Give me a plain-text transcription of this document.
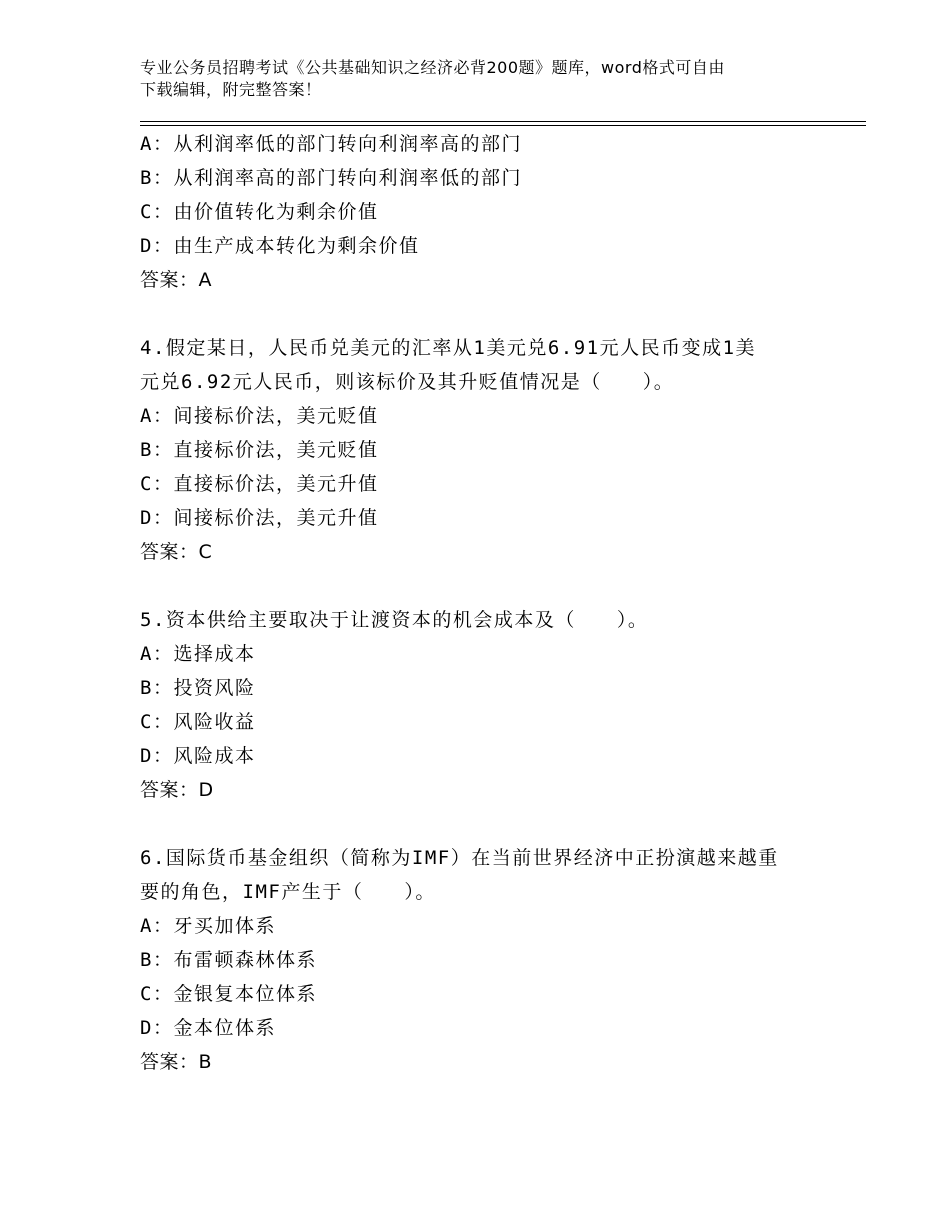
专业公务员招聘考试《公共基础知识之经济必背200题》题库，word格式可自由
下载编辑，附完整答案！
A：从利润率低的部门转向利润率高的部门
B：从利润率高的部门转向利润率低的部门
C：由价值转化为剩余价值
D：由生产成本转化为剩余价值
答案：A
4.假定某日，人民币兑美元的汇率从1美元兑6.91元人民币变成1美
元兑6.92元人民币，则该标价及其升贬值情况是（　　）。
A：间接标价法，美元贬值
B：直接标价法，美元贬值
C：直接标价法，美元升值
D：间接标价法，美元升值
答案：C
5.资本供给主要取决于让渡资本的机会成本及（　　）。
A：选择成本
B：投资风险
C：风险收益
D：风险成本
答案：D
6.国际货币基金组织（简称为IMF）在当前世界经济中正扮演越来越重
要的角色，IMF产生于（　　）。
A：牙买加体系
B：布雷顿森林体系
C：金银复本位体系
D：金本位体系
答案：B
